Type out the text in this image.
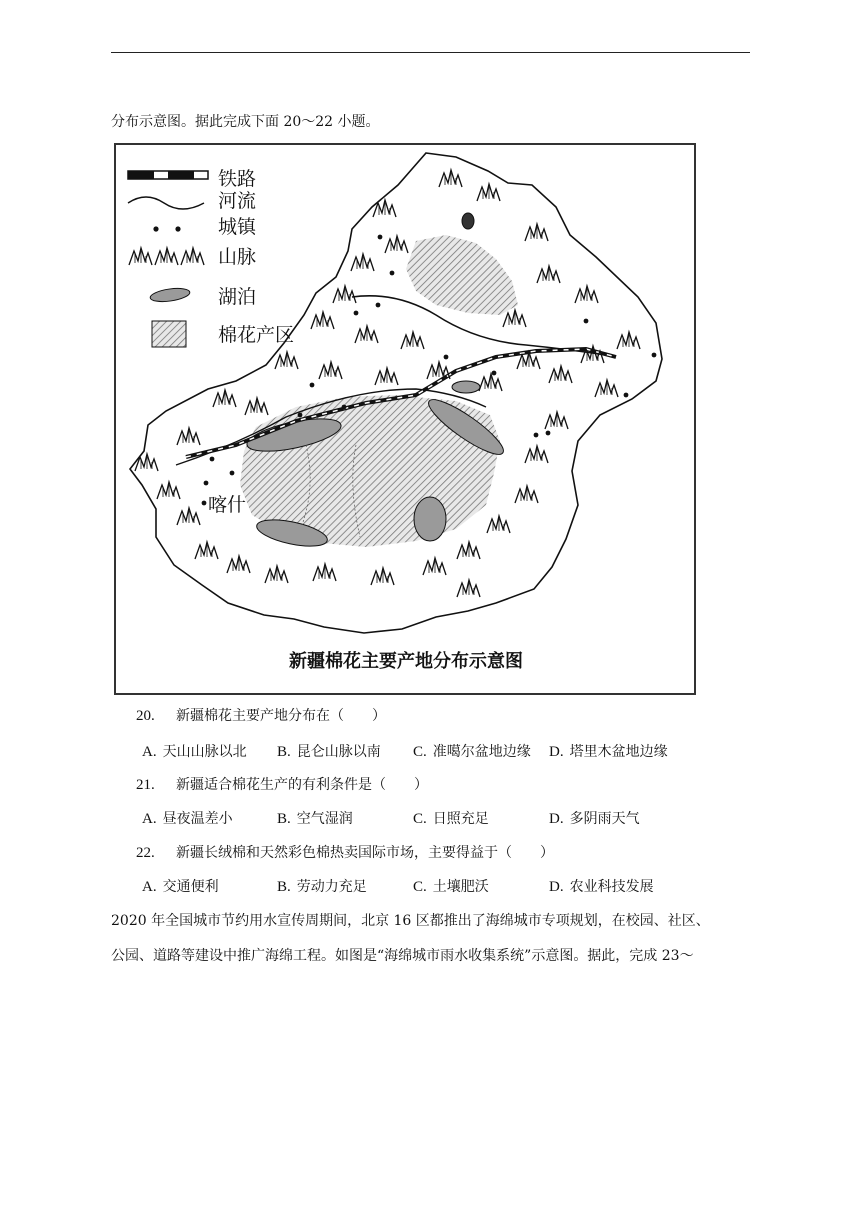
分布示意图。据此完成下面 20～22 小题。
喀什
铁路
河流
城镇
山脉
湖泊
棉花产区
新疆棉花主要产地分布示意图
20. 新疆棉花主要产地分布在（　　）
A. 天山山脉以北 B. 昆仑山脉以南 C. 准噶尔盆地边缘 D. 塔里木盆地边缘
21. 新疆适合棉花生产的有利条件是（　　）
A. 昼夜温差小	B. 空气湿润	C. 日照充足	D. 多阴雨天气
22. 新疆长绒棉和天然彩色棉热卖国际市场，主要得益于（　　）
A. 交通便利	B. 劳动力充足	C. 土壤肥沃	D. 农业科技发展
2020 年全国城市节约用水宣传周期间，北京 16 区都推出了海绵城市专项规划，在校园、社区、
公园、道路等建设中推广海绵工程。如图是“海绵城市雨水收集系统”示意图。据此，完成 23～
